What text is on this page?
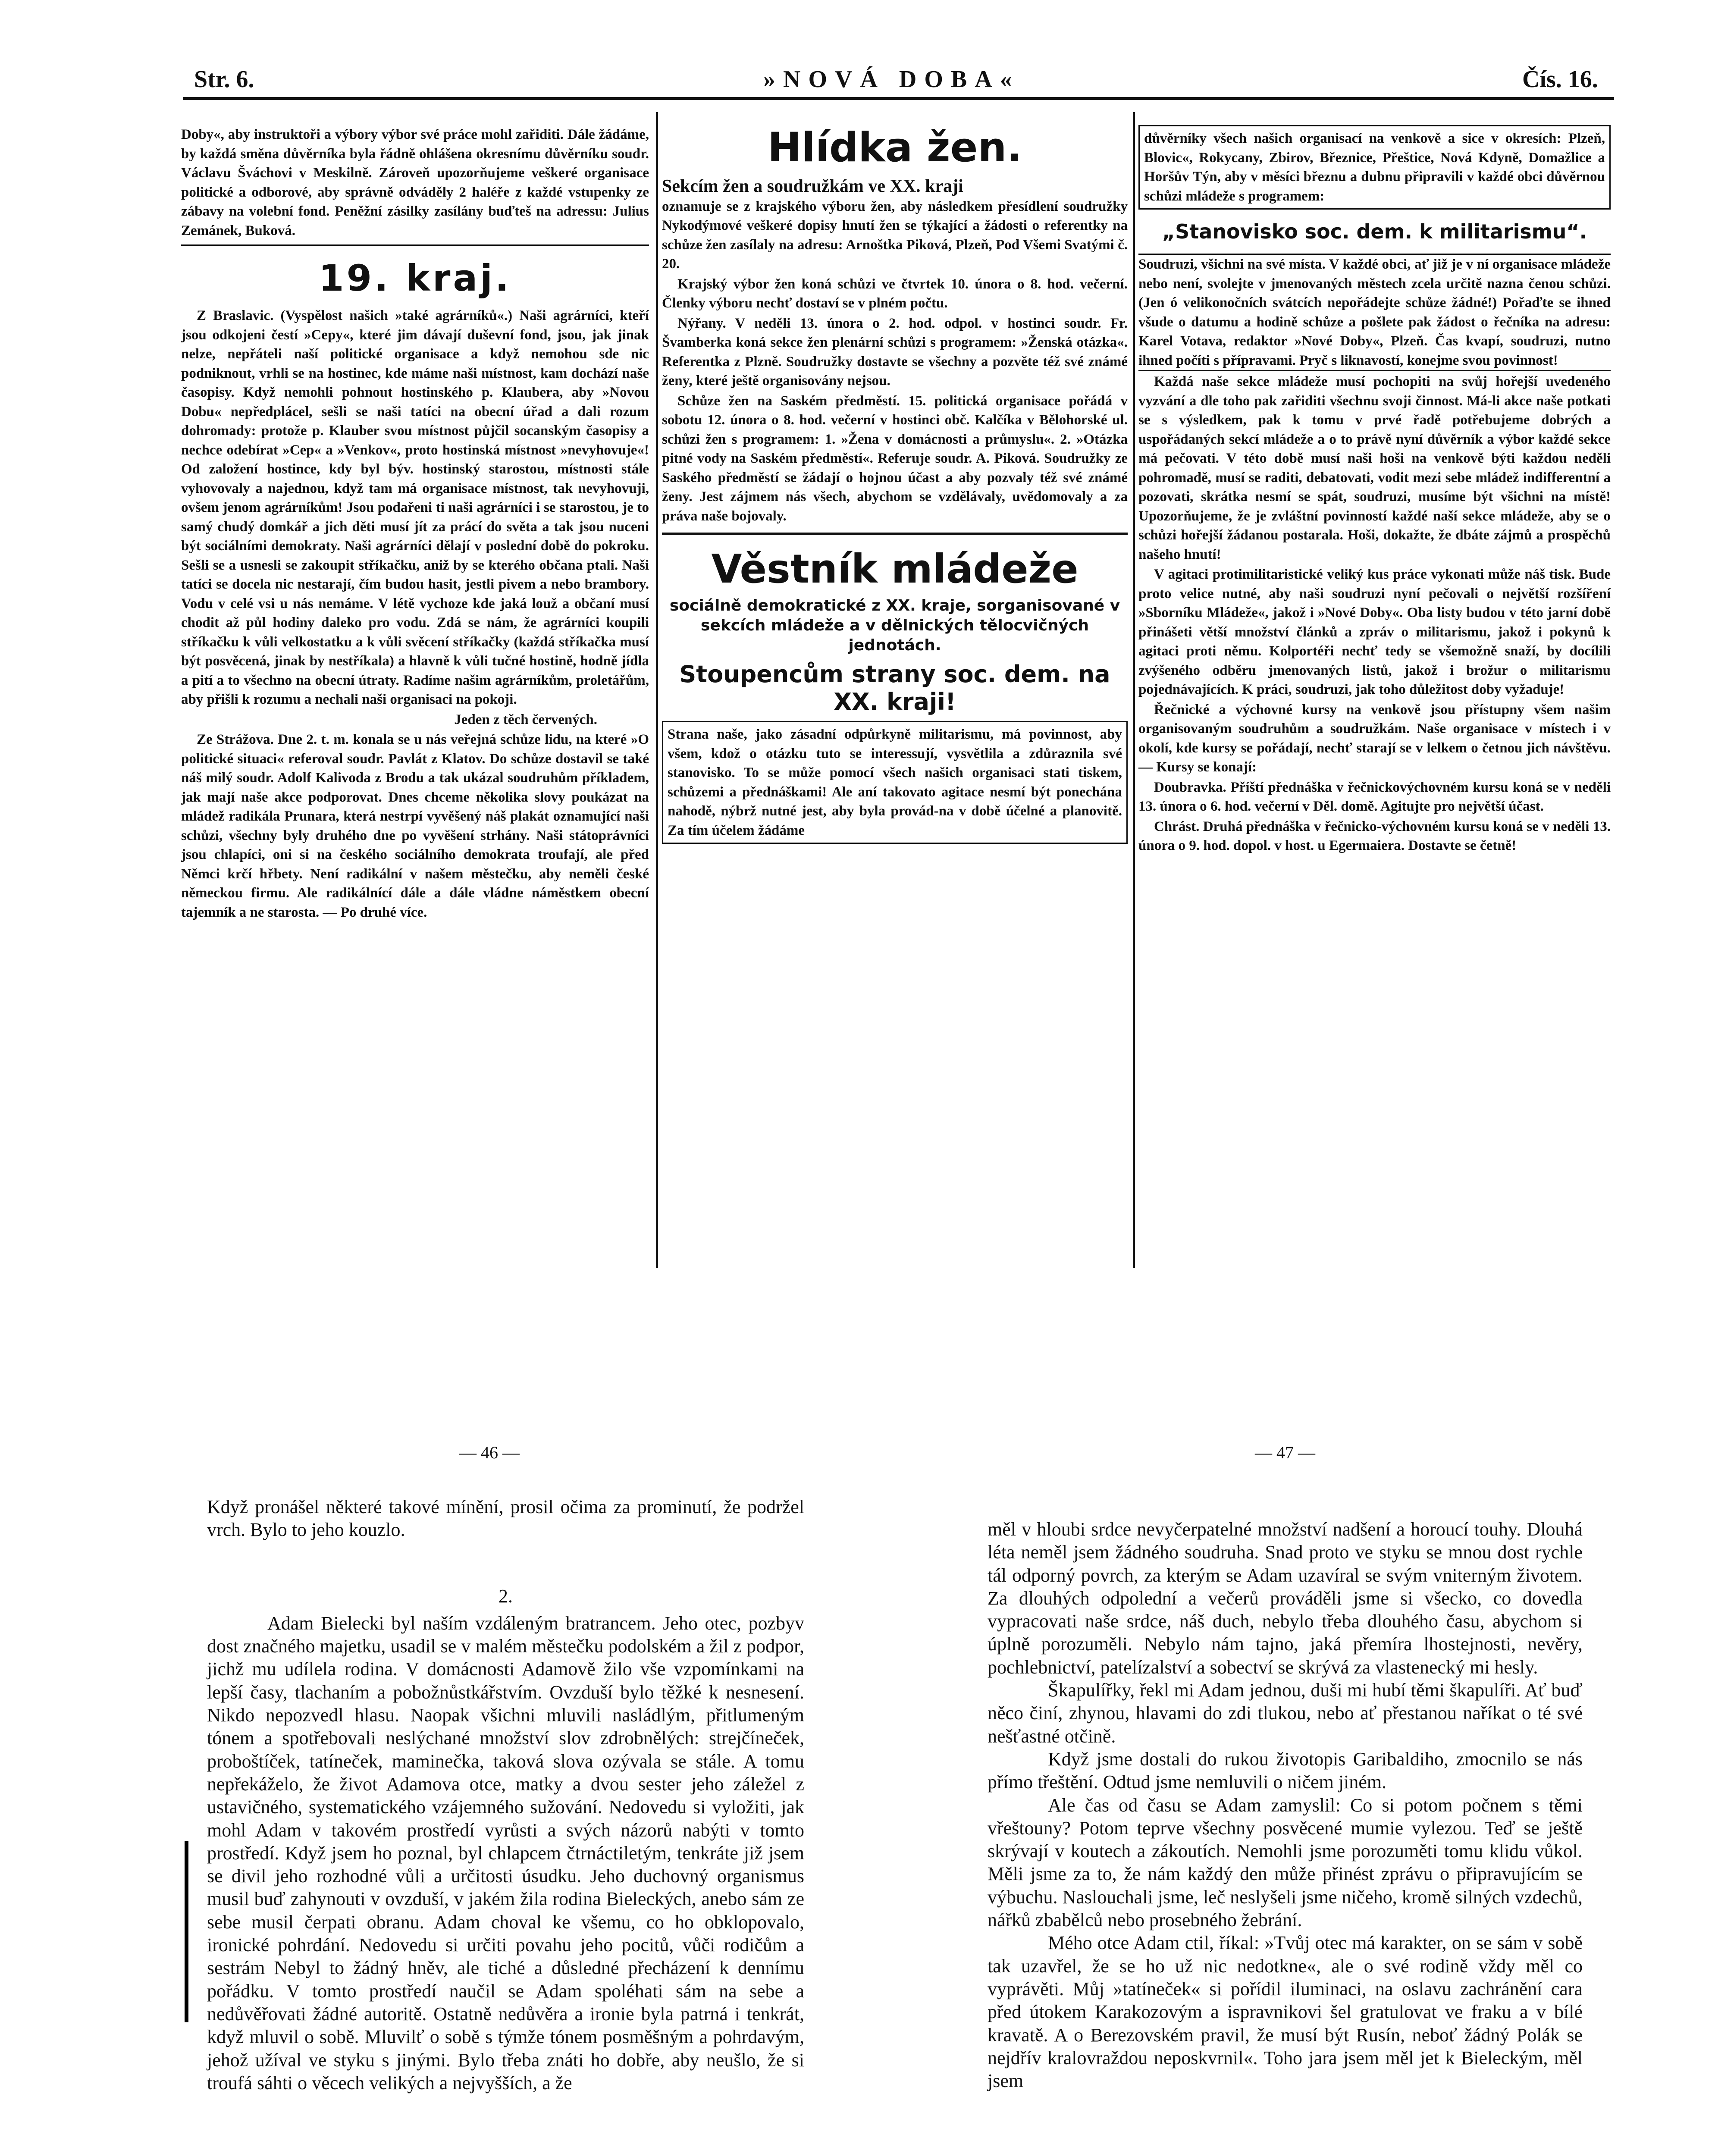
Str. 6.	»NOVÁ DOBA«	Čís. 16.

Doby«, aby instruktoři a výbory výbor své práce mohl zařiditi. Dále žádáme, by každá směna důvěrníka byla řádně ohlášena okresnímu důvěrníku soudr. Václavu Šváchovi v Meskilně. Zároveň upozorňujeme veškeré organisace politické a odborové, aby správně odváděly 2 haléře z každé vstupenky ze zábavy na volební fond. Peněžní zásilky zasílány buďteš na adressu: Julius Zemánek, Buková.

19. kraj.

Z Braslavic. (Vyspělost našich »také agrárníků«.) Naši agrárníci, kteří jsou odkojeni čestí »Cepy«, které jim dávají duševní fond, jsou, jak jinak nelze, nepřáteli naší politické organisace a když nemohou sde nic podniknout, vrhli se na hostinec, kde máme naši místnost, kam dochází naše časopisy. Když nemohli pohnout hostinského p. Klaubera, aby »Novou Dobu« nepředplácel, sešli se naši tatíci na obecní úřad a dali rozum dohromady: protože p. Klauber svou místnost půjčil socanským časopisy a nechce odebírat »Cep« a »Venkov«, proto hostinská místnost »nevyhovuje«! Od založení hostince, kdy byl býv. hostinský starostou, místnosti stále vyhovovaly a najednou, když tam má organisace místnost, tak nevyhovuji, ovšem jenom agrárníkům! Jsou podařeni ti naši agrárníci i se starostou, je to samý chudý domkář a jich děti musí jít za prácí do světa a tak jsou nuceni být sociálními demokraty. Naši agrárníci dělají v poslední době do pokroku. Sešli se a usnesli se zakoupit stříkačku, aniž by se kterého občana ptali. Naši tatíci se docela nic nestarají, čím budou hasit, jestli pivem a nebo brambory. Vodu v celé vsi u nás nemáme. V létě vychoze kde jaká louž a občaní musí chodit až půl hodiny daleko pro vodu. Zdá se nám, že agrárníci koupili stříkačku k vůli velkostatku a k vůli svěcení stříkačky (každá stříkačka musí být posvěcená, jinak by nestříkala) a hlavně k vůli tučné hostině, hodně jídla a pití a to všechno na obecní útraty. Radíme našim agrárníkům, proletářům, aby přišli k rozumu a nechali naši organisaci na pokoji.

Jeden z těch červených.

Ze Strážova. Dne 2. t. m. konala se u nás veřejná schůze lidu, na které »O politické situaci« referoval soudr. Pavlát z Klatov. Do schůze dostavil se také náš milý soudr. Adolf Kalivoda z Brodu a tak ukázal soudruhům příkladem, jak mají naše akce podporovat. Dnes chceme několika slovy poukázat na mládež radikála Prunara, která nestrpí vyvěšený náš plakát oznamující naši schůzi, všechny byly druhého dne po vyvěšení strhány. Naši státoprávníci jsou chlapíci, oni si na českého sociálního demokrata troufají, ale před Němci krčí hřbety. Není radikální v našem městečku, aby neměli české německou firmu. Ale radikálnící dále a dále vládne náměstkem obecní tajemník a ne starosta. — Po druhé více.

Hlídka žen.

Sekcím žen a soudružkám ve XX. kraji

oznamuje se z krajského výboru žen, aby následkem přesídlení soudružky Nykodýmové veškeré dopisy hnutí žen se týkající a žádosti o referentky na schůze žen zasílaly na adresu: Arnoštka Piková, Plzeň, Pod Všemi Svatými č. 20.

Krajský výbor žen koná schůzi ve čtvrtek 10. února o 8. hod. večerní. Členky výboru nechť dostaví se v plném počtu.

Nýřany. V neděli 13. února o 2. hod. odpol. v hostinci soudr. Fr. Švamberka koná sekce žen plenární schůzi s programem: »Ženská otázka«. Referentka z Plzně. Soudružky dostavte se všechny a pozvěte též své známé ženy, které ještě organisovány nejsou.

Schůze žen na Saském předměstí. 15. politická organisace pořádá v sobotu 12. února o 8. hod. večerní v hostinci obč. Kalčíka v Bělohorské ul. schůzi žen s programem: 1. »Žena v domácnosti a průmyslu«. 2. »Otázka pitné vody na Saském předměstí«. Referuje soudr. A. Piková. Soudružky ze Saského předměstí se žádají o hojnou účast a aby pozvaly též své známé ženy. Jest zájmem nás všech, abychom se vzdělávaly, uvědomovaly a za práva naše bojovaly.

Věstník mládeže
sociálně demokratické z XX. kraje, sorganisované v sekcích mládeže a v dělnických tělocvičných jednotách.
Stoupencům strany soc. dem. na XX. kraji!

Strana naše, jako zásadní odpůrkyně militarismu, má povinnost, aby všem, kdož o otázku tuto se interessují, vysvětlila a zdůraznila své stanovisko. To se může pomocí všech našich organisaci stati tiskem, schůzemi a přednáškami! Ale aní takovato agitace nesmí být ponechána nahodě, nýbrž nutné jest, aby byla provád-na v době účelné a planovitě. Za tím účelem žádáme

důvěrníky všech našich organisací na venkově a sice v okresích: Plzeň, Blovic«, Rokycany, Zbirov, Březnice, Přeštice, Nová Kdyně, Domažlice a Horšův Týn, aby v měsíci březnu a dubnu připravili v každé obci důvěrnou schůzi mládeže s programem:

„Stanovisko soc. dem. k militarismu“.

Soudruzi, všichni na své místa. V každé obci, ať již je v ní organisace mládeže nebo není, svolejte v jmenovaných městech zcela určitě nazna čenou schůzi. (Jen ó velikonočních svátcích nepořádejte schůze žádné!) Pořaďte se ihned všude o datumu a hodině schůze a pošlete pak žádost o řečníka na adresu: Karel Votava, redaktor »Nové Doby«, Plzeň. Čas kvapí, soudruzi, nutno ihned počíti s přípravami. Pryč s liknavostí, konejme svou povinnost!

Každá naše sekce mládeže musí pochopiti na svůj hořejší uvedeného vyzvání a dle toho pak zařiditi všechnu svoji činnost. Má-li akce naše potkati se s výsledkem, pak k tomu v prvé řadě potřebujeme dobrých a uspořádaných sekcí mládeže a o to právě nyní důvěrník a výbor každé sekce má pečovati. V této době musí naši hoši na venkově býti každou neděli pohromadě, musí se raditi, debatovati, vodit mezi sebe mládež indifferentní a pozovati, skrátka nesmí se spát, soudruzi, musíme být všichni na místě! Upozorňujeme, že je zvláštní povinností každé naší sekce mládeže, aby se o schůzi hořejší žádanou postarala. Hoši, dokažte, že dbáte zájmů a prospěchů našeho hnutí!

V agitaci protimilitaristické veliký kus práce vykonati může náš tisk. Bude proto velice nutné, aby naši soudruzi nyní pečovali o největší rozšíření »Sborníku Mládeže«, jakož i »Nové Doby«. Oba listy budou v této jarní době přinášeti větší množství článků a zpráv o militarismu, jakož i pokynů k agitaci proti němu. Kolportéři nechť tedy se všemožně snaží, by docílili zvýšeného odběru jmenovaných listů, jakož i brožur o militarismu pojednávajících. K práci, soudruzi, jak toho důležitost doby vyžaduje!

Řečnické a výchovné kursy na venkově jsou přístupny všem našim organisovaným soudruhům a soudružkám. Naše organisace v místech i v okolí, kde kursy se pořádají, nechť starají se v lelkem o četnou jich návštěvu. — Kursy se konají:

Doubravka. Příští přednáška v řečnickovýchovném kursu koná se v neděli 13. února o 6. hod. večerní v Děl. domě. Agitujte pro největší účast.

Chrást. Druhá přednáška v řečnicko-výchovném kursu koná se v neděli 13. února o 9. hod. dopol. v host. u Egermaiera. Dostavte se četně!

— 46 —	— 47 —

Když pronášel některé takové mínění, prosil očima za prominutí, že podržel vrch. Bylo to jeho kouzlo.

2.

Adam Bielecki byl naším vzdáleným bratrancem. Jeho otec, pozbyv dost značného majetku, usadil se v malém městečku podolském a žil z podpor, jichž mu udílela rodina. V domácnosti Adamově žilo vše vzpomínkami na lepší časy, tlachaním a pobožnůstkářstvím. Ovzduší bylo těžké k nesnesení. Nikdo nepozvedl hlasu. Naopak všichni mluvili nasládlým, přitlumeným tónem a spotřebovali neslýchané množství slov zdrobnělých: strejčíneček, proboštíček, tatíneček, maminečka, taková slova ozývala se stále. A tomu nepřekáželo, že život Adamova otce, matky a dvou sester jeho záležel z ustavičného, systematického vzájemného sužování. Nedovedu si vyložiti, jak mohl Adam v takovém prostředí vyrůsti a svých názorů nabýti v tomto prostředí. Když jsem ho poznal, byl chlapcem čtrnáctiletým, tenkráte již jsem se divil jeho rozhodné vůli a určitosti úsudku. Jeho duchovný organismus musil buď zahynouti v ovzduší, v jakém žila rodina Bieleckých, anebo sám ze sebe musil čerpati obranu. Adam choval ke všemu, co ho obklopovalo, ironické pohrdání. Nedovedu si určiti povahu jeho pocitů, vůči rodičům a sestrám Nebyl to žádný hněv, ale tiché a důsledné přecházení k dennímu pořádku. V tomto prostředí naučil se Adam spoléhati sám na sebe a nedůvěřovati žádné autoritě. Ostatně nedůvěra a ironie byla patrná i tenkrát, když mluvil o sobě. Mluvilť o sobě s týmže tónem posměšným a pohrdavým, jehož užíval ve styku s jinými. Bylo třeba znáti ho dobře, aby neušlo, že si troufá sáhti o věcech velikých a nejvyšších, a že

měl v hloubi srdce nevyčerpatelné množství nadšení a horoucí touhy. Dlouhá léta neměl jsem žádného soudruha. Snad proto ve styku se mnou dost rychle tál odporný povrch, za kterým se Adam uzavíral se svým vniterným životem. Za dlouhých odpolední a večerů prováděli jsme si všecko, co dovedla vypracovati naše srdce, náš duch, nebylo třeba dlouhého času, abychom si úplně porozuměli. Nebylo nám tajno, jaká přemíra lhostejnosti, nevěry, pochlebnictví, patelízalství a sobectví se skrývá za vlastenecký mi hesly.

Škapulířky, řekl mi Adam jednou, duši mi hubí těmi škapulíři. Ať buď něco činí, zhynou, hlavami do zdi tlukou, nebo ať přestanou naříkat o té své nešťastné otčině.

Když jsme dostali do rukou životopis Garibaldiho, zmocnilo se nás přímo třeštění. Odtud jsme nemluvili o ničem jiném.

Ale čas od času se Adam zamyslil: Co si potom počnem s těmi vřeštouny? Potom teprve všechny posvěcené mumie vylezou. Teď se ještě skrývají v koutech a zákoutích. Nemohli jsme porozuměti tomu klidu vůkol. Měli jsme za to, že nám každý den může přinést zprávu o připravujícím se výbuchu. Naslouchali jsme, leč neslyšeli jsme ničeho, kromě silných vzdechů, nářků zbabělců nebo prosebného žebrání.

Mého otce Adam ctil, říkal: »Tvůj otec má karakter, on se sám v sobě tak uzavřel, že se ho už nic nedotkne«, ale o své rodině vždy měl co vyprávěti. Můj »tatíneček« si pořídil iluminaci, na oslavu zachránění cara před útokem Karakozovým a ispravnikovi šel gratulovat ve fraku a v bílé kravatě. A o Berezovském pravil, že musí být Rusín, neboť žádný Polák se nejdřív kralovraždou neposkvrnil«. Toho jara jsem měl jet k Bieleckým, měl jsem
